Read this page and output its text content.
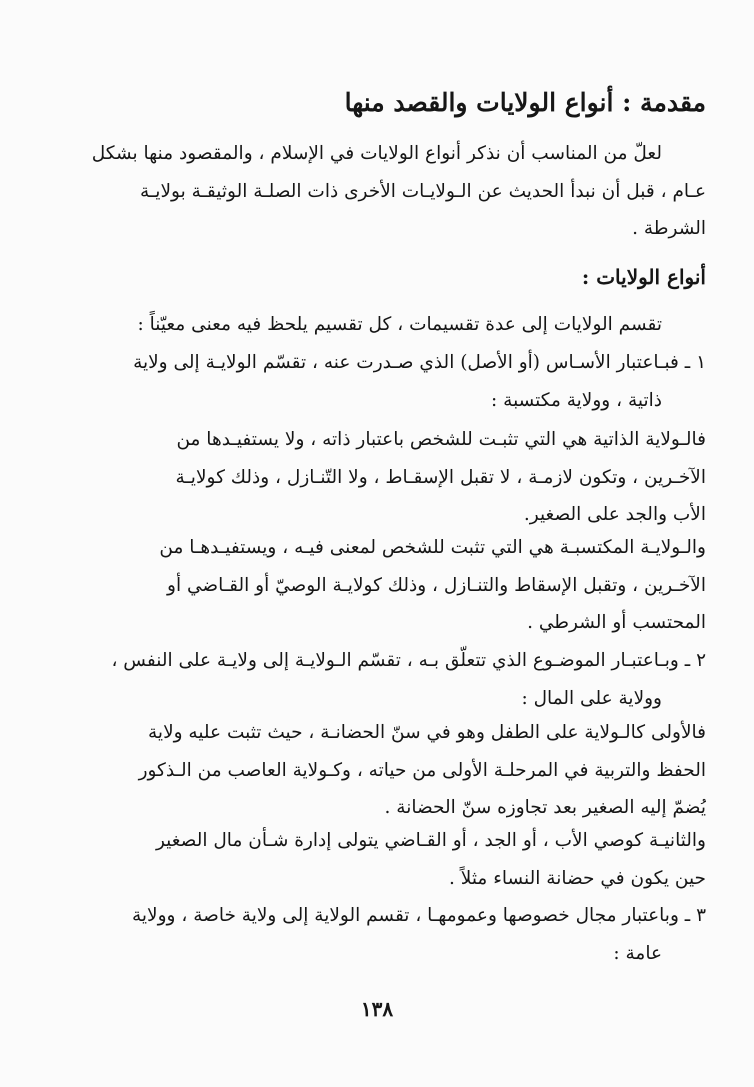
مقدمة : أنواع الولايات والقصد منها
لعلّ من المناسب أن نذكر أنواع الولايات في الإسلام ، والمقصود منها بشكل
عـام ، قبل أن نبدأ الحديث عن الـولايـات الأخرى ذات الصلـة الوثيقـة بولايـة
الشرطة .
أنواع الولايات :
تقسم الولايات إلى عدة تقسيمات ، كل تقسيم يلحظ فيه معنى معيّناً :
١ ـ فبـاعتبار الأسـاس (أو الأصل) الذي صـدرت عنه ، تقسّم الولايـة إلى ولاية
ذاتية ، وولاية مكتسبة :
فالـولاية الذاتية هي التي تثبـت للشخص باعتبار ذاته ، ولا يستفيـدها من
الآخـرين ، وتكون لازمـة ، لا تقبل الإسقـاط ، ولا التّنـازل ، وذلك كولايـة
الأب والجد على الصغير.
والـولايـة المكتسبـة هي التي تثبت للشخص لمعنى فيـه ، ويستفيـدهـا من
الآخـرين ، وتقبل الإسقاط والتنـازل ، وذلك كولايـة الوصيّ أو القـاضي أو
المحتسب أو الشرطي .
٢ ـ وبـاعتبـار الموضـوع الذي تتعلّق بـه ، تقسّم الـولايـة إلى ولايـة على النفس ،
وولاية على المال :
فالأولى كالـولاية على الطفل وهو في سنّ الحضانـة ، حيث تثبت عليه ولاية
الحفظ والتربية في المرحلـة الأولى من حياته ، وكـولاية العاصب من الـذكور
يُضمّ إليه الصغير بعد تجاوزه سنّ الحضانة .
والثانيـة كوصي الأب ، أو الجد ، أو القـاضي يتولى إدارة شـأن مال الصغير
حين يكون في حضانة النساء مثلاً .
٣ ـ وباعتبار مجال خصوصها وعمومهـا ، تقسم الولاية إلى ولاية خاصة ، وولاية
عامة :
١٣٨
